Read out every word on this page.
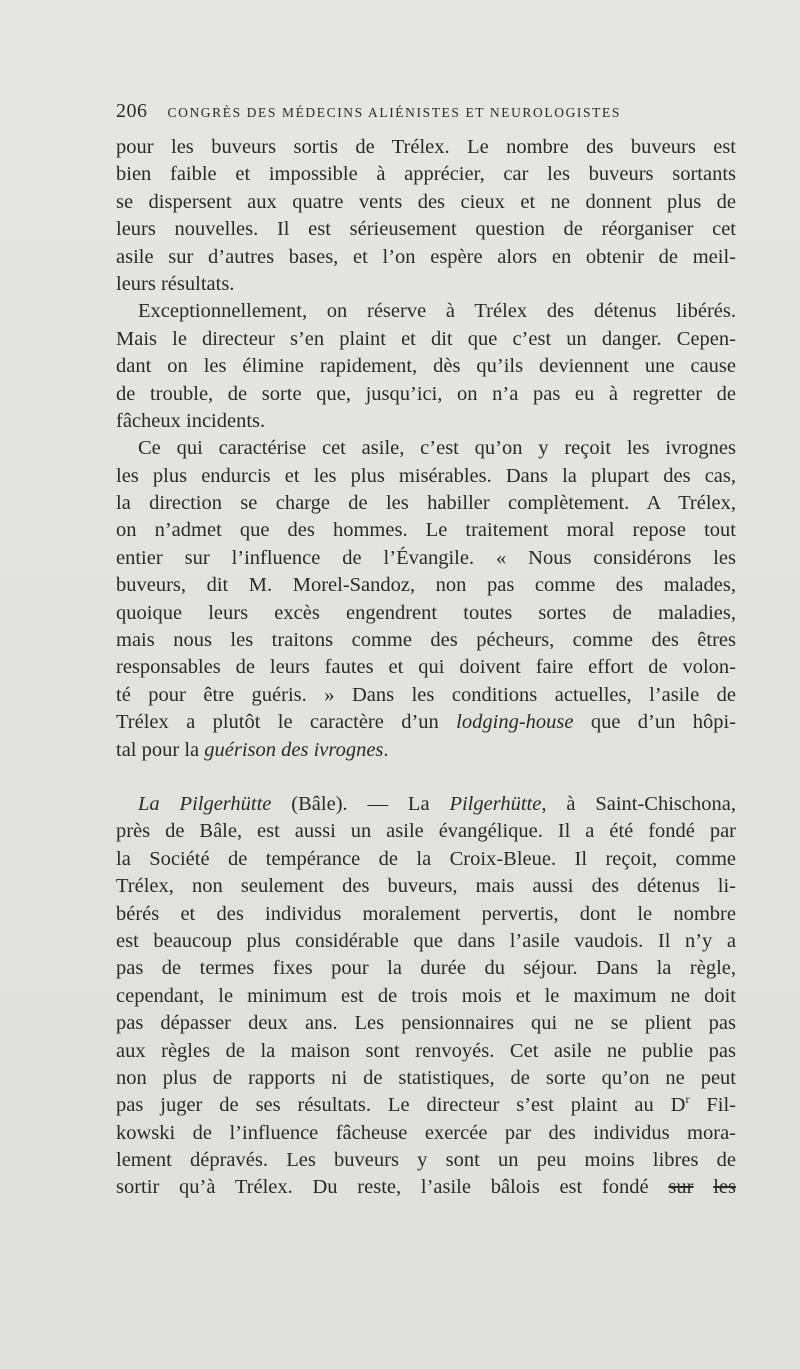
206 CONGRÈS DES MÉDECINS ALIÉNISTES ET NEUROLOGISTES
pour les buveurs sortis de Trélex. Le nombre des buveurs est
bien faible et impossible à apprécier, car les buveurs sortants
se dispersent aux quatre vents des cieux et ne donnent plus de
leurs nouvelles. Il est sérieusement question de réorganiser cet
asile sur d’autres bases, et l’on espère alors en obtenir de meil-
leurs résultats.
Exceptionnellement, on réserve à Trélex des détenus libérés.
Mais le directeur s’en plaint et dit que c’est un danger. Cepen-
dant on les élimine rapidement, dès qu’ils deviennent une cause
de trouble, de sorte que, jusqu’ici, on n’a pas eu à regretter de
fâcheux incidents.
Ce qui caractérise cet asile, c’est qu’on y reçoit les ivrognes
les plus endurcis et les plus misérables. Dans la plupart des cas,
la direction se charge de les habiller complètement. A Trélex,
on n’admet que des hommes. Le traitement moral repose tout
entier sur l’influence de l’Évangile. « Nous considérons les
buveurs, dit M. Morel-Sandoz, non pas comme des malades,
quoique leurs excès engendrent toutes sortes de maladies,
mais nous les traitons comme des pécheurs, comme des êtres
responsables de leurs fautes et qui doivent faire effort de volon-
té pour être guéris. » Dans les conditions actuelles, l’asile de
Trélex a plutôt le caractère d’un lodging-house que d’un hôpi-
tal pour la guérison des ivrognes.
La Pilgerhütte (Bâle). — La Pilgerhütte, à Saint-Chischona,
près de Bâle, est aussi un asile évangélique. Il a été fondé par
la Société de tempérance de la Croix-Bleue. Il reçoit, comme
Trélex, non seulement des buveurs, mais aussi des détenus li-
bérés et des individus moralement pervertis, dont le nombre
est beaucoup plus considérable que dans l’asile vaudois. Il n’y a
pas de termes fixes pour la durée du séjour. Dans la règle,
cependant, le minimum est de trois mois et le maximum ne doit
pas dépasser deux ans. Les pensionnaires qui ne se plient pas
aux règles de la maison sont renvoyés. Cet asile ne publie pas
non plus de rapports ni de statistiques, de sorte qu’on ne peut
pas juger de ses résultats. Le directeur s’est plaint au $D^r$ Fil-
kowski de l’influence fâcheuse exercée par des individus mora-
lement dépravés. Les buveurs y sont un peu moins libres de
sortir qu’à Trélex. Du reste, l’asile bâlois est fondé sur les
